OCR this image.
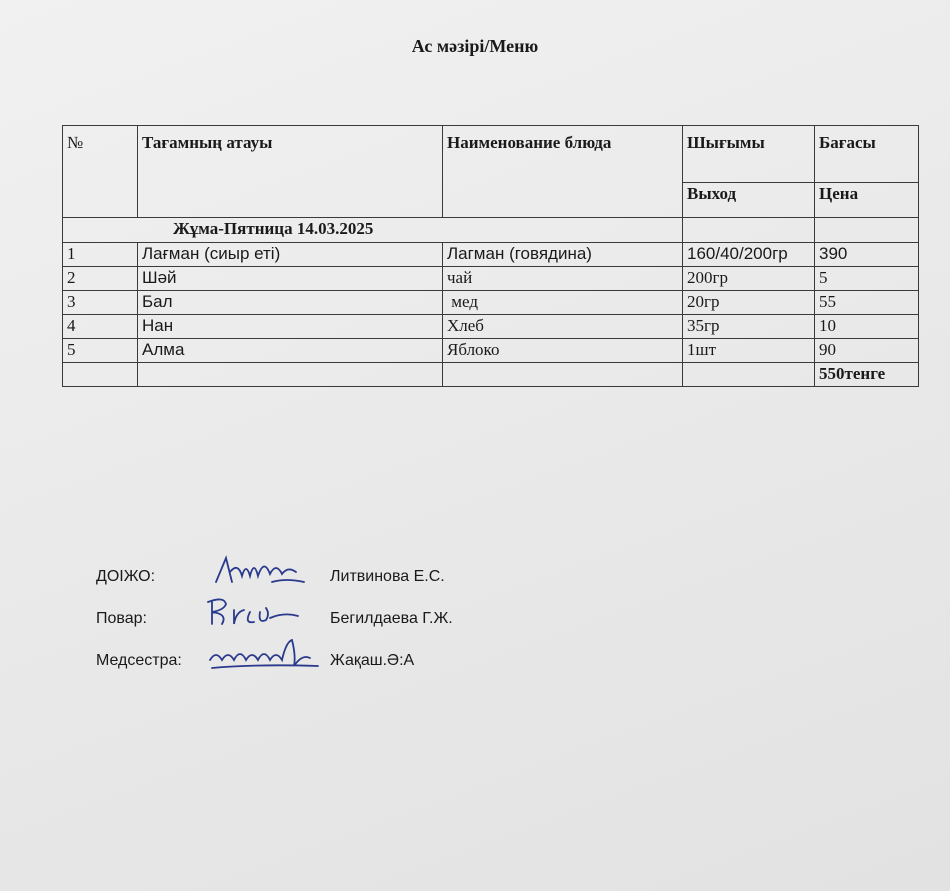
Ас мәзірі/Меню
№	Тағамның атауы	Наименование блюда	Шығымы	Бағасы
			Выход	Цена
Жұма-Пятница 14.03.2025				
1	Лағман (сиыр еті)	Лагман (говядина)	160/40/200гр	390
2	Шәй	чай	200гр	5
3	Бал	мед	20гр	55
4	Нан	Хлеб	35гр	10
5	Алма	Яблоко	1шт	90
				550тенге
ДОІЖО:	Литвинова Е.С.
Повар:	Бегилдаева Г.Ж.
Медсестра:	Жақаш.Ә:А
